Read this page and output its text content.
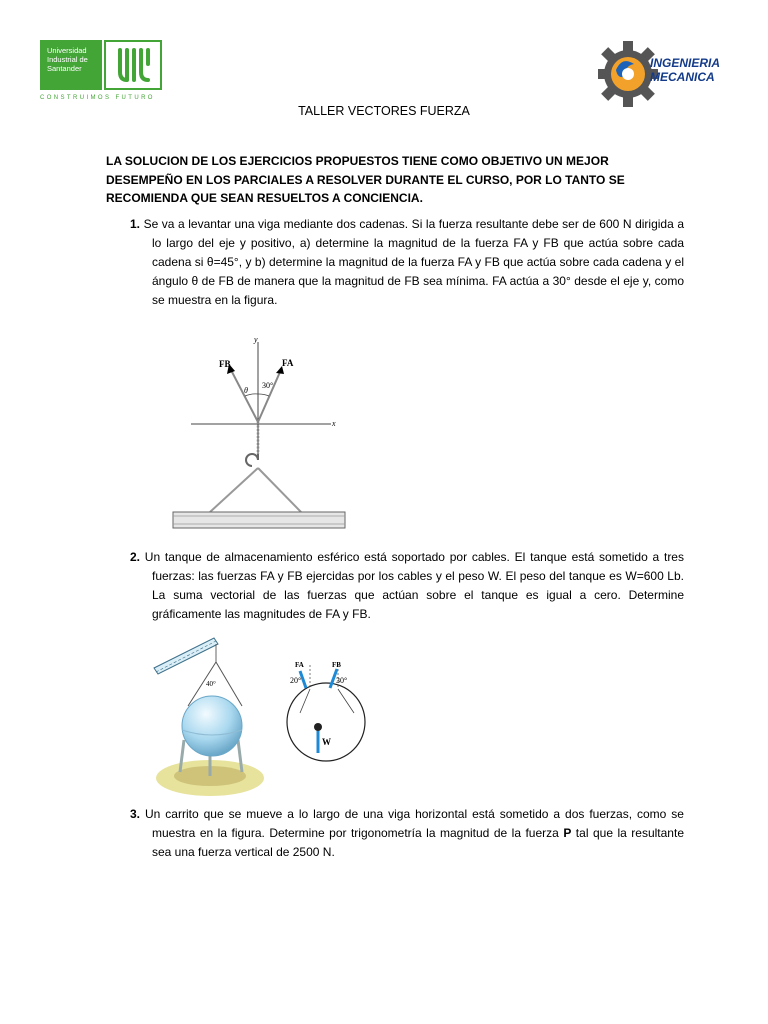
Universidad
Industrial de
Santander
CONSTRUIMOS FUTURO
INGENIERIA
MECANICA
TALLER VECTORES FUERZA
LA SOLUCION DE LOS EJERCICIOS PROPUESTOS TIENE COMO OBJETIVO UN MEJOR DESEMPEÑO EN LOS PARCIALES A RESOLVER DURANTE EL CURSO, POR LO TANTO SE RECOMIENDA QUE SEAN RESUELTOS A CONCIENCIA.
1. Se va a levantar una viga mediante dos cadenas. Si la fuerza resultante debe ser de 600 N dirigida a lo largo del eje y positivo, a) determine la magnitud de la fuerza FA y FB que actúa sobre cada cadena si θ=45°, y b) determine la magnitud de la fuerza FA y FB que actúa sobre cada cadena y el ángulo θ de FB de manera que la magnitud de FB sea mínima. FA actúa a 30° desde el eje y, como se muestra en la figura.
y
x
FB	FA
30°
θ
2. Un tanque de almacenamiento esférico está soportado por cables. El tanque está sometido a tres fuerzas: las fuerzas FA y FB ejercidas por los cables y el peso W. El peso del tanque es W=600 Lb. La suma vectorial de las fuerzas que actúan sobre el tanque es igual a cero. Determine gráficamente las magnitudes de FA y FB.
40°
FA	FB
20°	30°
W
3. Un carrito que se mueve a lo largo de una viga horizontal está sometido a dos fuerzas, como se muestra en la figura. Determine por trigonometría la magnitud de la fuerza P tal que la resultante sea una fuerza vertical de 2500 N.
